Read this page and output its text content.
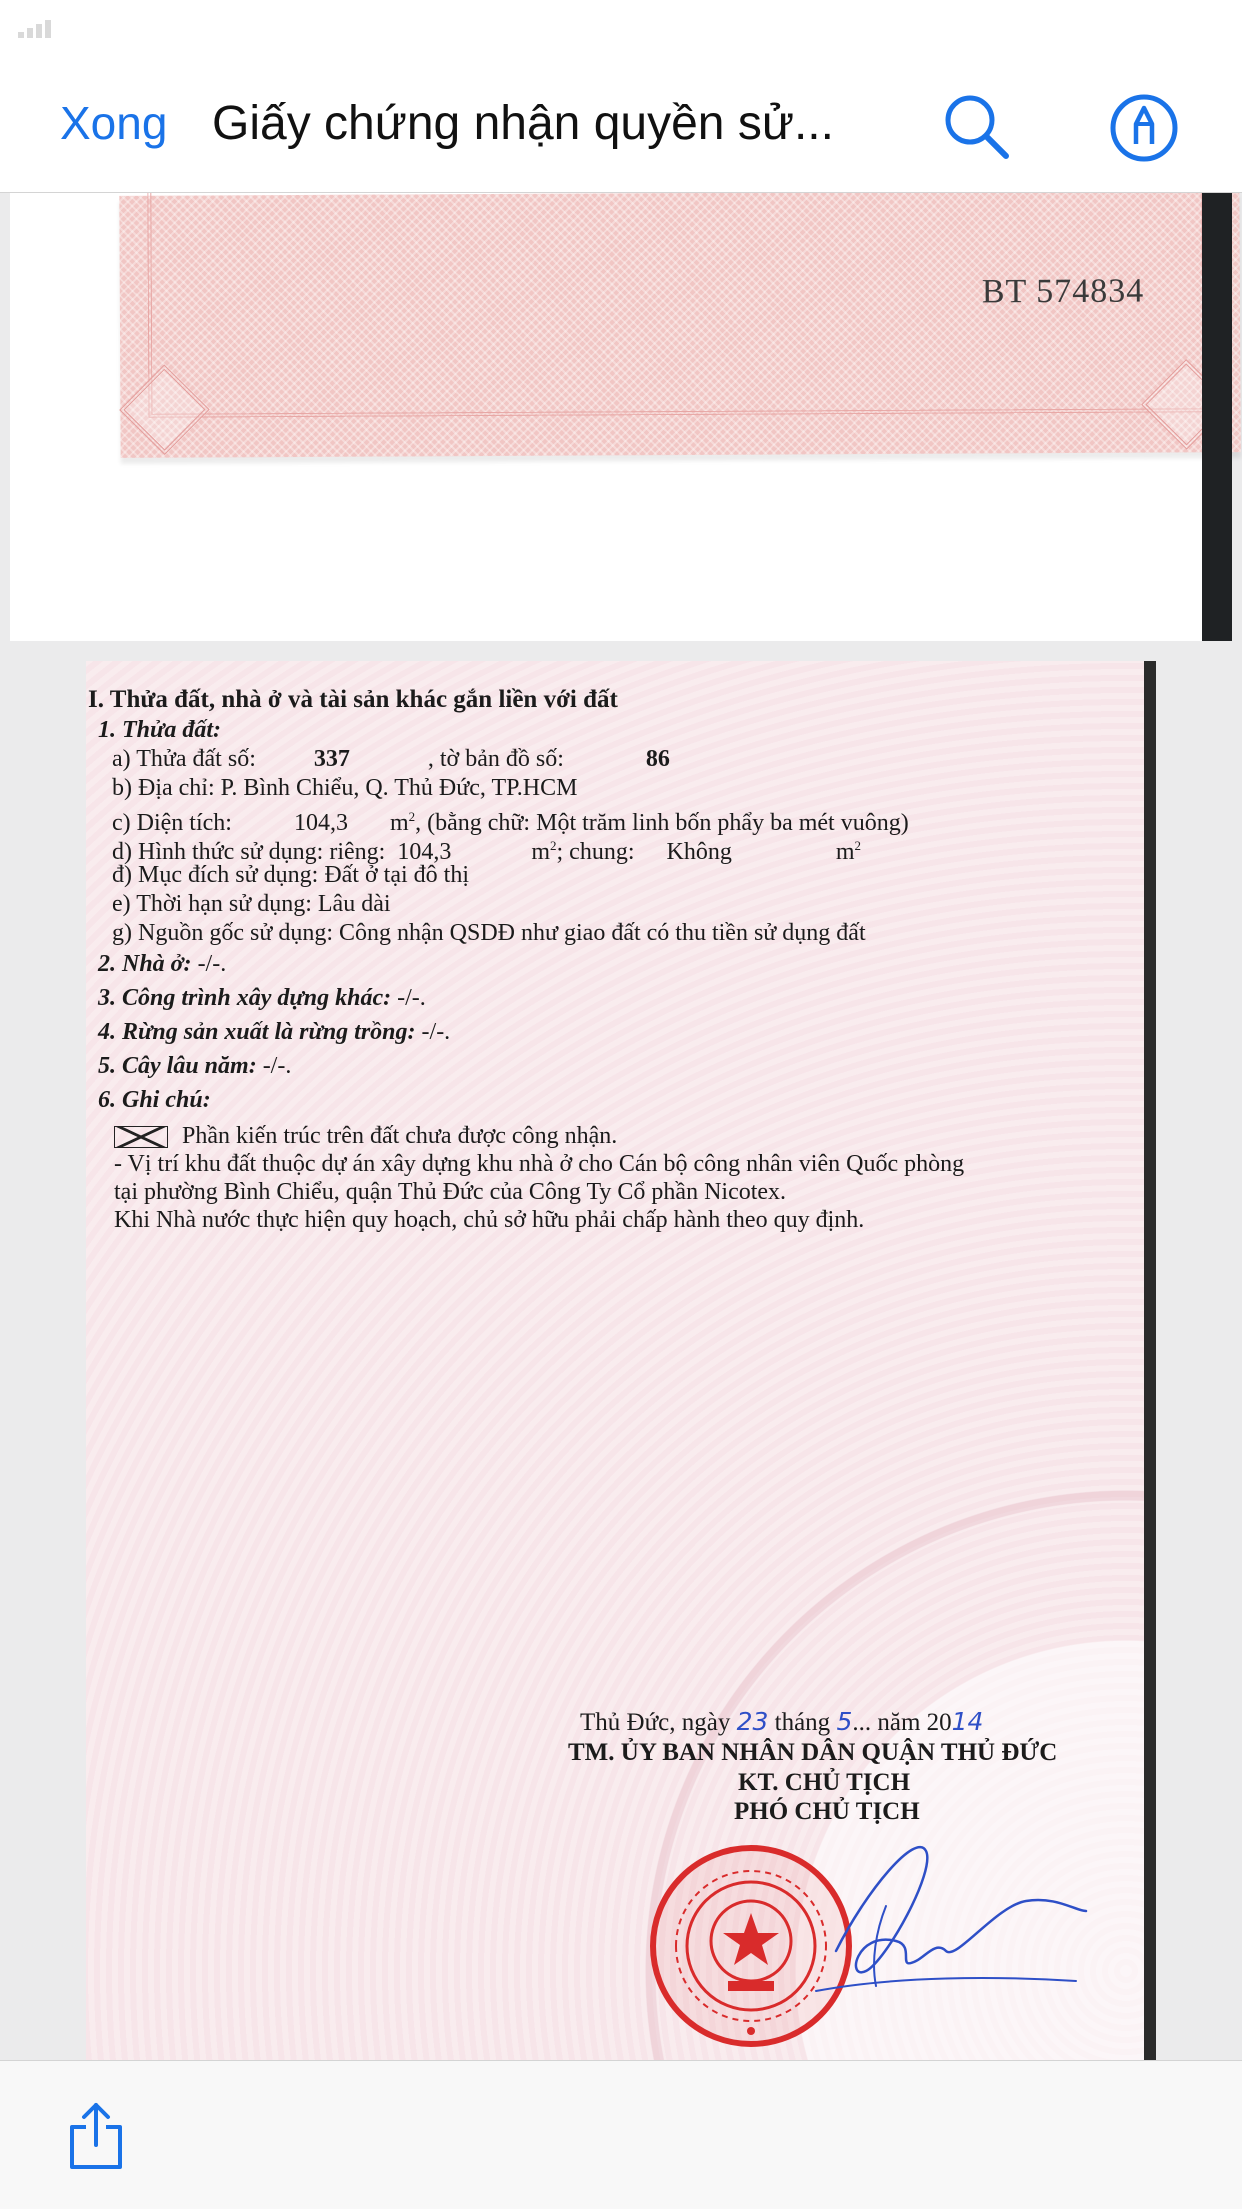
Xong Giấy chứng nhận quyền sử...
BT 574834
I. Thửa đất, nhà ở và tài sản khác gắn liền với đất
1. Thửa đất:
a) Thửa đất số: 337	, tờ bản đồ số:	86
b) Địa chỉ: P. Bình Chiểu, Q. Thủ Đức, TP.HCM
c) Diện tích:	104,3 $m^2$, (bằng chữ: Một trăm linh bốn phẩy ba mét vuông)
d) Hình thức sử dụng: riêng: 104,3	$m^2$; chung: Không	$m^2$
đ) Mục đích sử dụng: Đất ở tại đô thị
e) Thời hạn sử dụng: Lâu dài
g) Nguồn gốc sử dụng: Công nhận QSDĐ như giao đất có thu tiền sử dụng đất
2. Nhà ở: -/-.
3. Công trình xây dựng khác: -/-.
4. Rừng sản xuất là rừng trồng: -/-.
5. Cây lâu năm: -/-.
6. Ghi chú:
Phần kiến trúc trên đất chưa được công nhận.
- Vị trí khu đất thuộc dự án xây dựng khu nhà ở cho Cán bộ công nhân viên Quốc phòng
tại phường Bình Chiểu, quận Thủ Đức của Công Ty Cổ phần Nicotex.
Khi Nhà nước thực hiện quy hoạch, chủ sở hữu phải chấp hành theo quy định.
Thủ Đức, ngày 23 tháng 5... năm 2014
TM. ỦY BAN NHÂN DÂN QUẬN THỦ ĐỨC
KT. CHỦ TỊCH
PHÓ CHỦ TỊCH
